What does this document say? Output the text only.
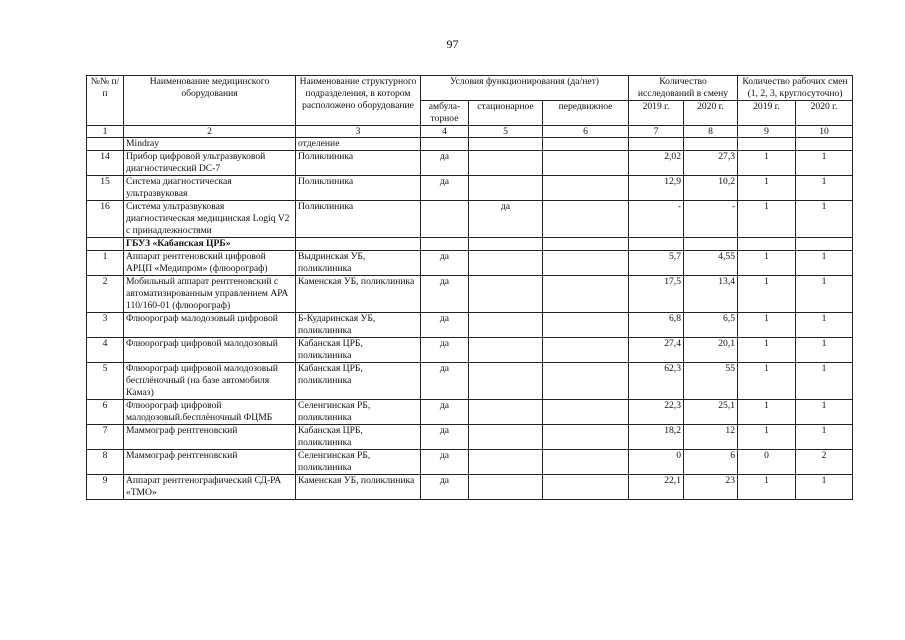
97
№№ п/п	Наименование медицинского оборудования	Наименование структурного подразделения, в котором расположено оборудование	Условия функционирования (да/нет)			Количество исследований в смену		Количество рабочих смен (1, 2, 3, круглосуточно)	
			амбула-торное	стационарное	передвижное	2019 г.	2020 г.	2019 г.	2020 г.
1	2	3	4	5	6	7	8	9	10
	Mindray	отделение							
14	Прибор цифровой ультразвуковой диагностический DC-7	Поликлиника	да			2,02	27,3	1	1
15	Система диагностическая ультразвуковая	Поликлиника	да			12,9	10,2	1	1
16	Система ультразвуковая диагностическая медицинская Logiq V2 с принадлежностями	Поликлиника		да		-	-	1	1
	ГБУЗ «Кабанская ЦРБ»								
1	Аппарат рентгеновский цифровой АРЦП «Медипром» (флюорограф)	Выдринская УБ, поликлиника	да			5,7	4,55	1	1
2	Мобильный аппарат рентгеновский с автоматизированным управлением АРА 110/160-01 (флюорограф)	Каменская УБ, поликлиника	да			17,5	13,4	1	1
3	Флюорограф малодозовый цифровой	Б-Кударинская УБ, поликлиника	да			6,8	6,5	1	1
4	Флюорограф цифровой малодозовый	Кабанская ЦРБ, поликлиника	да			27,4	20,1	1	1
5	Флюорограф цифровой малодозовый бесплёночный (на базе автомобиля Камаз)	Кабанская ЦРБ, поликлиника	да			62,3	55	1	1
6	Флюорограф цифровой малодозовый.бесплёночный ФЦМБ	Селенгинская РБ, поликлиника	да			22,3	25,1	1	1
7	Маммограф рентгеновский	Кабанская ЦРБ, поликлиника	да			18,2	12	1	1
8	Маммограф рентгеновский	Селенгинская РБ, поликлиника	да			0	6	0	2
9	Аппарат рентгенографический СД-РА «ТМО»	Каменская УБ, поликлиника	да			22,1	23	1	1
